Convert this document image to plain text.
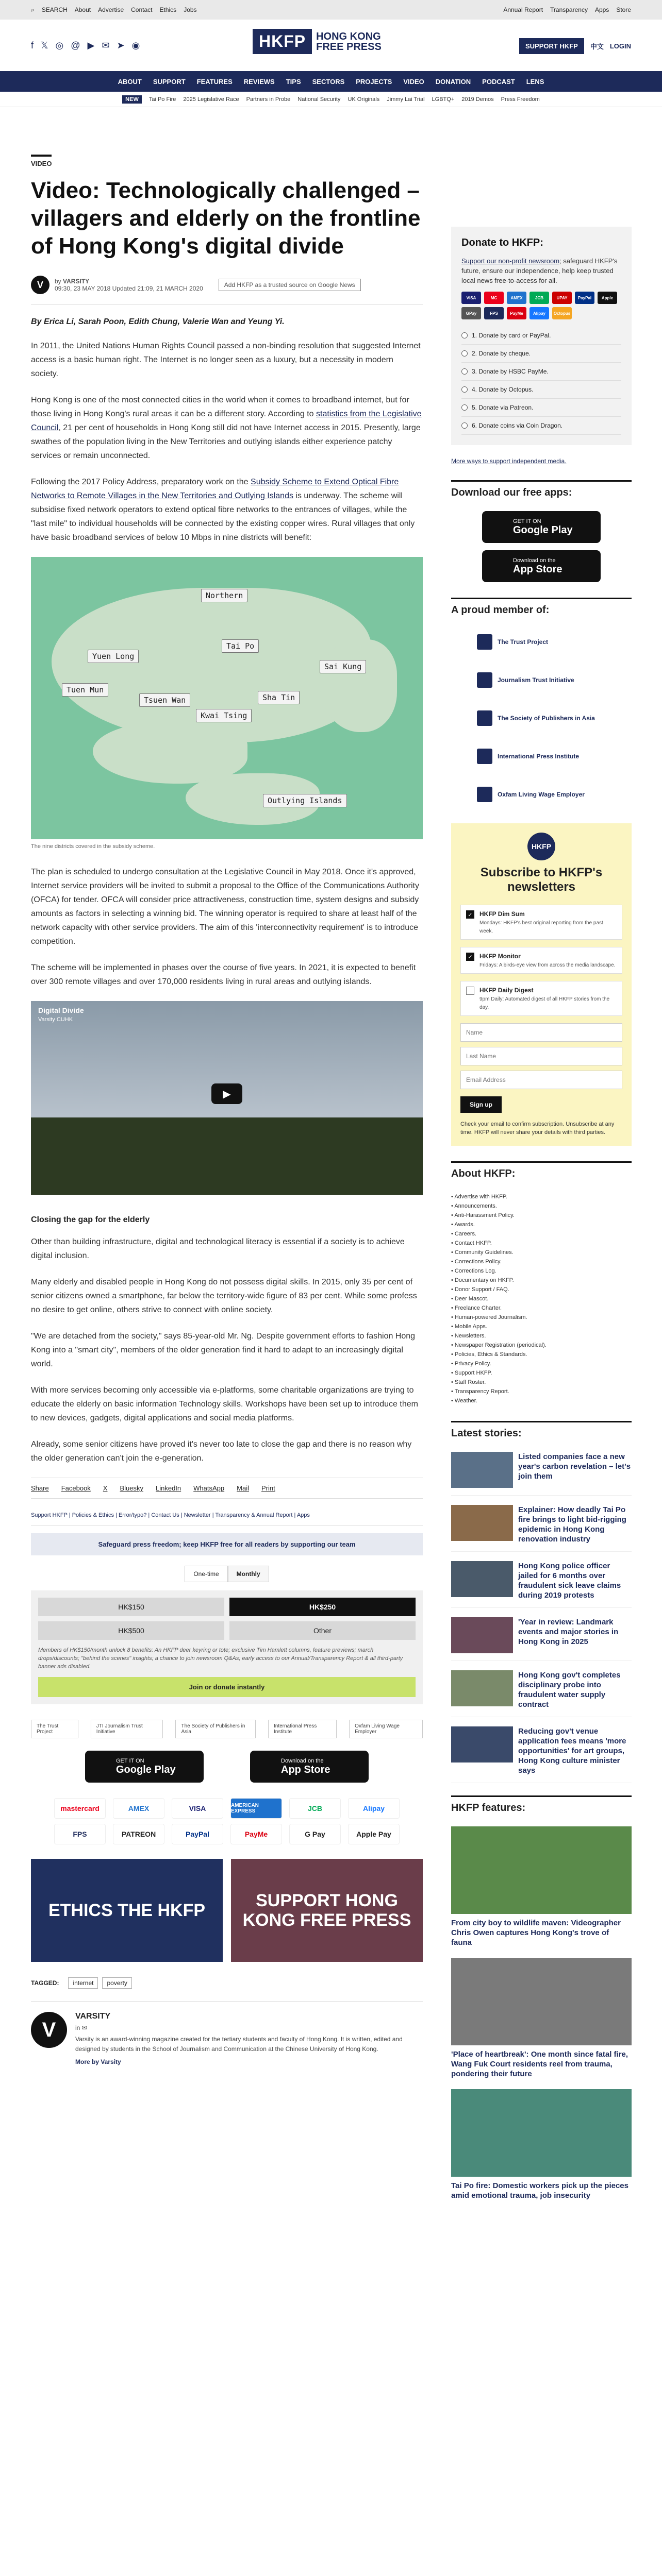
⌕ SEARCH About Advertise Contact Ethics Jobs	Annual Report Transparency Apps Store
f 𝕏 ◎ @ ▶ ✉ ➤ ◉	HKFP	HONG KONG
FREE PRESS	SUPPORT HKFP	中文 LOGIN
ABOUT SUPPORT FEATURES REVIEWS TIPS SECTORS PROJECTS VIDEO DONATION PODCAST LENS
NEW	Tai Po Fire 2025 Legislative Race Partners in Probe National Security UK Originals Jimmy Lai Trial LGBTQ+ 2019 Demos Press Freedom
VIDEO
Video: Technologically challenged – villagers and elderly on the frontline of Hong Kong's digital divide
V	by VARSITY
09:30, 23 MAY 2018 Updated 21:09, 21 MARCH 2020	Add HKFP as a trusted source on Google News
By Erica Li, Sarah Poon, Edith Chung, Valerie Wan and Yeung Yi.

In 2011, the United Nations Human Rights Council passed a non-binding resolution that suggested Internet access is a basic human right. The Internet is no longer seen as a luxury, but a necessity in modern society.

Hong Kong is one of the most connected cities in the world when it comes to broadband internet, but for those living in Hong Kong's rural areas it can be a different story. According to statistics from the Legislative Council, 21 per cent of households in Hong Kong still did not have Internet access in 2015. Presently, large swathes of the population living in the New Territories and outlying islands either experience patchy services or remain unconnected.

Following the 2017 Policy Address, preparatory work on the Subsidy Scheme to Extend Optical Fibre Networks to Remote Villages in the New Territories and Outlying Islands is underway. The scheme will subsidise fixed network operators to extend optical fibre networks to the entrances of villages, while the "last mile" to individual households will be connected by the existing copper wires. Rural villages that only have basic broadband services of below 10 Mbps in nine districts will benefit:

Northern
Tai Po
Yuen Long
Sai Kung
Tuen Mun
Tsuen Wan	Sha Tin
Kwai Tsing
Outlying Islands
The nine districts covered in the subsidy scheme.

The plan is scheduled to undergo consultation at the Legislative Council in May 2018. Once it's approved, Internet service providers will be invited to submit a proposal to the Office of the Communications Authority (OFCA) for tender. OFCA will consider price attractiveness, construction time, system designs and subsidy amounts as factors in selecting a winning bid. The winning operator is required to share at least half of the network capacity with other service providers. The aim of this 'interconnectivity requirement' is to introduce competition.

The scheme will be implemented in phases over the course of five years. In 2021, it is expected to benefit over 300 remote villages and over 170,000 residents living in rural areas and outlying islands.

Digital Divide
Varsity CUHK
▶
Closing the gap for the elderly

Other than building infrastructure, digital and technological literacy is essential if a society is to achieve digital inclusion.

Many elderly and disabled people in Hong Kong do not possess digital skills. In 2015, only 35 per cent of senior citizens owned a smartphone, far below the territory-wide figure of 83 per cent. While some profess no desire to get online, others strive to connect with online society.

"We are detached from the society," says 85-year-old Mr. Ng. Despite government efforts to fashion Hong Kong into a "smart city", members of the older generation find it hard to adapt to an increasingly digital world.

With more services becoming only accessible via e-platforms, some charitable organizations are trying to educate the elderly on basic information Technology skills. Workshops have been set up to introduce them to new devices, gadgets, digital applications and social media platforms.

Already, some senior citizens have proved it's never too late to close the gap and there is no reason why the older generation can't join the e-generation.

Share Facebook X Bluesky LinkedIn WhatsApp Mail Print
Support HKFP | Policies & Ethics | Error/typo? | Contact Us | Newsletter | Transparency & Annual Report | Apps
Safeguard press freedom; keep HKFP free for all readers by supporting our team
One-time	Monthly
HK$150	HK$250
HK$500	Other
Members of HK$150/month unlock 8 benefits: An HKFP deer keyring or tote; exclusive Tim Hamlett columns, feature previews; march drops/discounts; "behind the scenes" insights; a chance to join newsroom Q&As; early access to our Annual/Transparency Report & all third-party banner ads disabled.
Join or donate instantly
The Trust Project
JTI Journalism Trust Initiative
The Society of Publishers in Asia
International Press Institute
Oxfam Living Wage Employer
GET IT ON
Google Play
Download on the
App Store
mastercard	AMEX	VISA	AMERICAN EXPRESS	JCB	Alipay
FPS	PATREON	PayPal	PayMe	G Pay	Apple Pay
ETHICS THE HKFP	SUPPORT HONG KONG FREE PRESS
TAGGED:	internet	poverty
V
VARSITY
in ✉

Varsity is an award-winning magazine created for the tertiary students and faculty of Hong Kong. It is written, edited and designed by students in the School of Journalism and Communication at the Chinese University of Hong Kong.

More by Varsity

Donate to HKFP:
Support our non-profit newsroom; safeguard HKFP's future, ensure our independence, help keep trusted local news free-to-access for all.
VISA	MC	AMEX	JCB	UPAY	PayPal	Apple
GPay	FPS	PayMe	Alipay	Octopus
1. Donate by card or PayPal.
2. Donate by cheque.
3. Donate by HSBC PayMe.
4. Donate by Octopus.
5. Donate via Patreon.
6. Donate coins via Coin Dragon.
More ways to support independent media.
Download our free apps:
GET IT ON
Google Play
Download on the
App Store
A proud member of:
The Trust Project
Journalism Trust Initiative
The Society of Publishers in Asia
International Press Institute
Oxfam Living Wage Employer
HKFP
Subscribe to HKFP's newsletters
✓ HKFP Dim Sum
Mondays: HKFP's best original reporting from the past week.
✓ HKFP Monitor
Fridays: A birds-eye view from across the media landscape.
HKFP Daily Digest
9pm Daily: Automated digest of all HKFP stories from the day.
Name Last Name Email Address Sign up
Check your email to confirm subscription. Unsubscribe at any time. HKFP will never share your details with third parties.
About HKFP:
• Advertise with HKFP.
• Announcements.
• Anti-Harassment Policy.
• Awards.
• Careers.
• Contact HKFP.
• Community Guidelines.
• Corrections Policy.
• Corrections Log.
• Documentary on HKFP.
• Donor Support / FAQ.
• Deer Mascot.
• Freelance Charter.
• Human-powered Journalism.
• Mobile Apps.
• Newsletters.
• Newspaper Registration (periodical).
• Policies, Ethics & Standards.
• Privacy Policy.
• Support HKFP.
• Staff Roster.
• Transparency Report.
• Weather.
Latest stories:
Listed companies face a new year's carbon revelation – let's join them
Explainer: How deadly Tai Po fire brings to light bid-rigging epidemic in Hong Kong renovation industry
Hong Kong police officer jailed for 6 months over fraudulent sick leave claims during 2019 protests
'Year in review: Landmark events and major stories in Hong Kong in 2025
Hong Kong gov't completes disciplinary probe into fraudulent water supply contract
Reducing gov't venue application fees means 'more opportunities' for art groups, Hong Kong culture minister says
HKFP features:
From city boy to wildlife maven: Videographer Chris Owen captures Hong Kong's trove of fauna
'Place of heartbreak': One month since fatal fire, Wang Fuk Court residents reel from trauma, pondering their future
Tai Po fire: Domestic workers pick up the pieces amid emotional trauma, job insecurity
